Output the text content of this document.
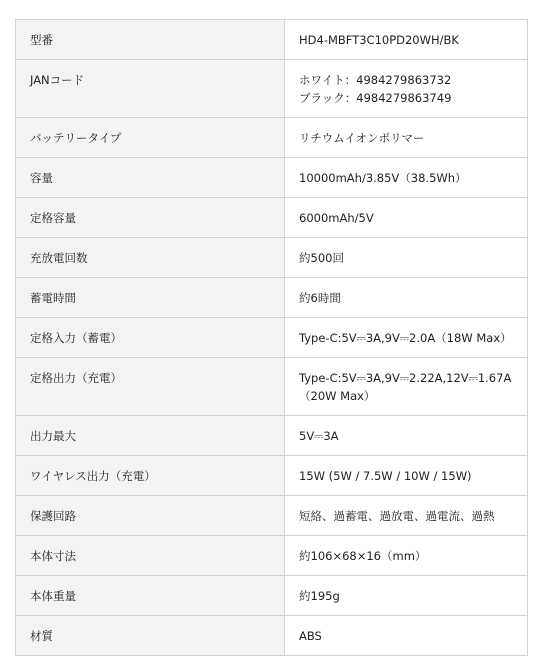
型番	HD4-MBFT3C10PD20WH/BK
JANコード	ホワイト：4984279863732
ブラック：4984279863749

バッテリータイプ	リチウムイオンポリマー
容量	10000mAh/3.85V（38.5Wh）
定格容量	6000mAh/5V
充放電回数	約500回
蓄電時間	約6時間
定格入力（蓄電）	Type-C:5V⎓3A,9V⎓2.0A（18W Max）
定格出力（充電）	Type-C:5V⎓3A,9V⎓2.22A,12V⎓1.67A（20W Max）
出力最大	5V⎓3A
ワイヤレス出力（充電）	15W (5W / 7.5W / 10W / 15W)
保護回路	短絡、過蓄電、過放電、過電流、過熱
本体寸法	約106×68×16（mm）
本体重量	約195g
材質	ABS
